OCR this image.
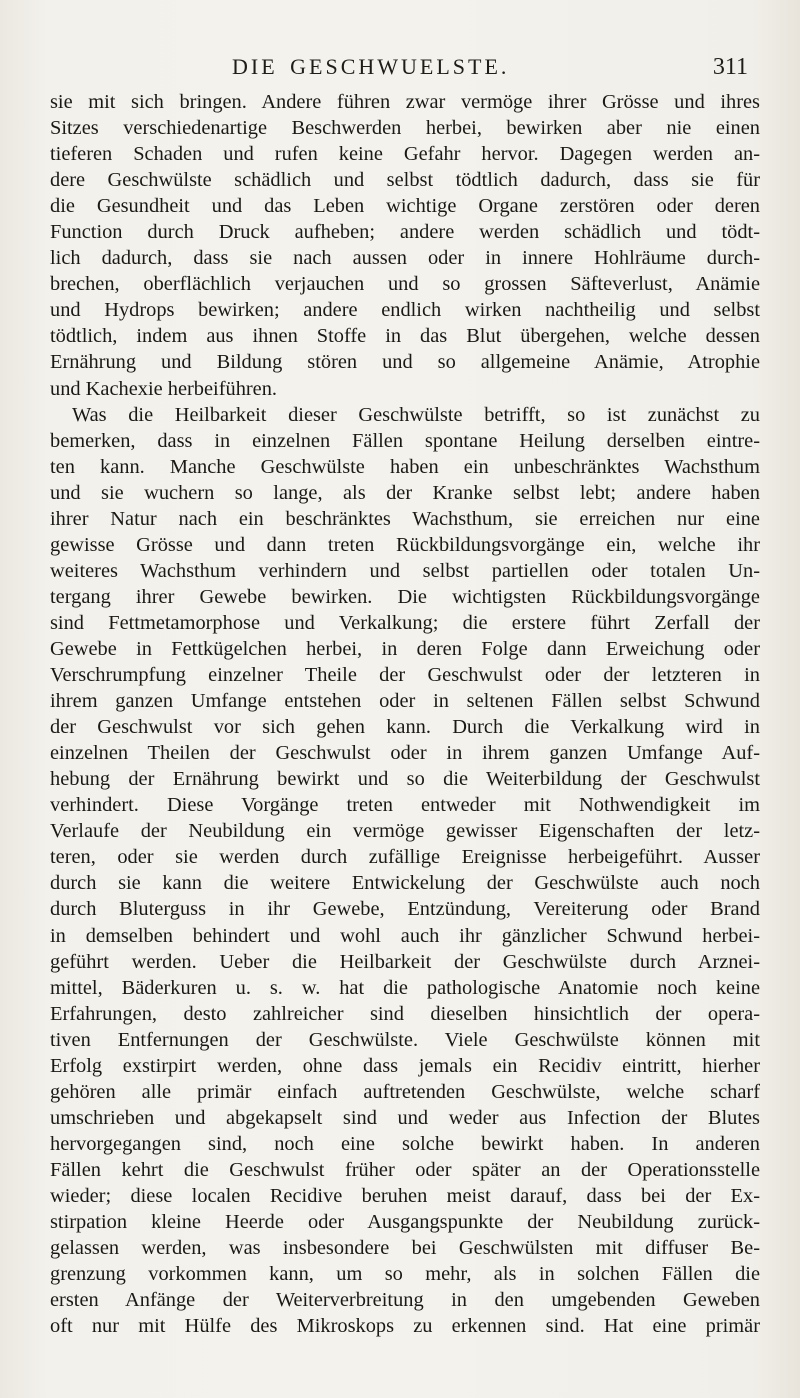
DIE GESCHWUELSTE.	311
sie mit sich bringen. Andere führen zwar vermöge ihrer Grösse und ihres
Sitzes verschiedenartige Beschwerden herbei, bewirken aber nie einen
tieferen Schaden und rufen keine Gefahr hervor. Dagegen werden an-
dere Geschwülste schädlich und selbst tödtlich dadurch, dass sie für
die Gesundheit und das Leben wichtige Organe zerstören oder deren
Function durch Druck aufheben; andere werden schädlich und tödt-
lich dadurch, dass sie nach aussen oder in innere Hohlräume durch-
brechen, oberflächlich verjauchen und so grossen Säfteverlust, Anämie
und Hydrops bewirken; andere endlich wirken nachtheilig und selbst
tödtlich, indem aus ihnen Stoffe in das Blut übergehen, welche dessen
Ernährung und Bildung stören und so allgemeine Anämie, Atrophie
und Kachexie herbeiführen.
Was die Heilbarkeit dieser Geschwülste betrifft, so ist zunächst zu
bemerken, dass in einzelnen Fällen spontane Heilung derselben eintre-
ten kann. Manche Geschwülste haben ein unbeschränktes Wachsthum
und sie wuchern so lange, als der Kranke selbst lebt; andere haben
ihrer Natur nach ein beschränktes Wachsthum, sie erreichen nur eine
gewisse Grösse und dann treten Rückbildungsvorgänge ein, welche ihr
weiteres Wachsthum verhindern und selbst partiellen oder totalen Un-
tergang ihrer Gewebe bewirken. Die wichtigsten Rückbildungsvorgänge
sind Fettmetamorphose und Verkalkung; die erstere führt Zerfall der
Gewebe in Fettkügelchen herbei, in deren Folge dann Erweichung oder
Verschrumpfung einzelner Theile der Geschwulst oder der letzteren in
ihrem ganzen Umfange entstehen oder in seltenen Fällen selbst Schwund
der Geschwulst vor sich gehen kann. Durch die Verkalkung wird in
einzelnen Theilen der Geschwulst oder in ihrem ganzen Umfange Auf-
hebung der Ernährung bewirkt und so die Weiterbildung der Geschwulst
verhindert. Diese Vorgänge treten entweder mit Nothwendigkeit im
Verlaufe der Neubildung ein vermöge gewisser Eigenschaften der letz-
teren, oder sie werden durch zufällige Ereignisse herbeigeführt. Ausser
durch sie kann die weitere Entwickelung der Geschwülste auch noch
durch Bluterguss in ihr Gewebe, Entzündung, Vereiterung oder Brand
in demselben behindert und wohl auch ihr gänzlicher Schwund herbei-
geführt werden. Ueber die Heilbarkeit der Geschwülste durch Arznei-
mittel, Bäderkuren u. s. w. hat die pathologische Anatomie noch keine
Erfahrungen, desto zahlreicher sind dieselben hinsichtlich der opera-
tiven Entfernungen der Geschwülste. Viele Geschwülste können mit
Erfolg exstirpirt werden, ohne dass jemals ein Recidiv eintritt, hierher
gehören alle primär einfach auftretenden Geschwülste, welche scharf
umschrieben und abgekapselt sind und weder aus Infection der Blutes
hervorgegangen sind, noch eine solche bewirkt haben. In anderen
Fällen kehrt die Geschwulst früher oder später an der Operationsstelle
wieder; diese localen Recidive beruhen meist darauf, dass bei der Ex-
stirpation kleine Heerde oder Ausgangspunkte der Neubildung zurück-
gelassen werden, was insbesondere bei Geschwülsten mit diffuser Be-
grenzung vorkommen kann, um so mehr, als in solchen Fällen die
ersten Anfänge der Weiterverbreitung in den umgebenden Geweben
oft nur mit Hülfe des Mikroskops zu erkennen sind. Hat eine primär
